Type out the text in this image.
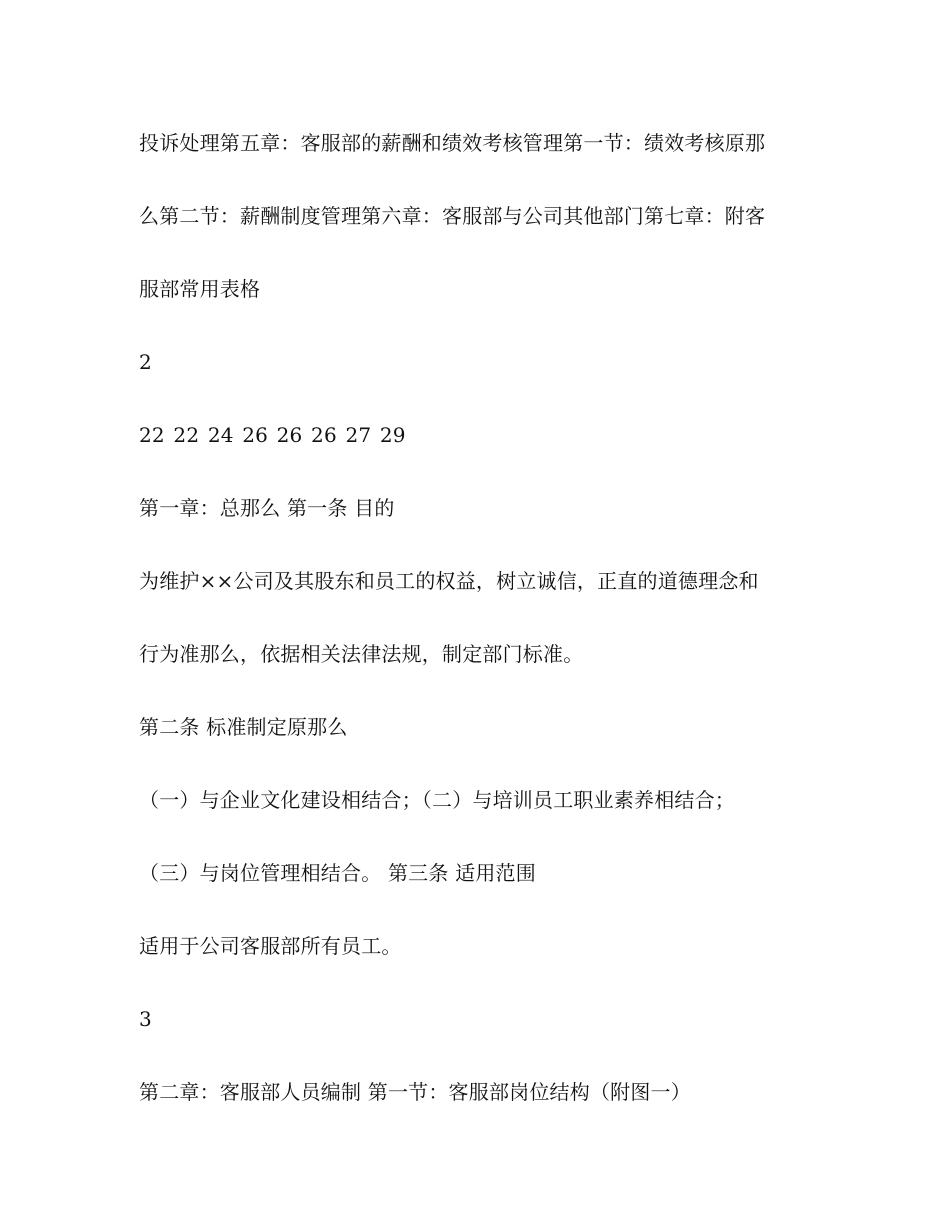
投诉处理第五章：客服部的薪酬和绩效考核管理第一节：绩效考核原那
么第二节：薪酬制度管理第六章：客服部与公司其他部门第七章：附客
服部常用表格
2
22 22 24 26 26 26 27 29
第一章：总那么 第一条 目的
为维护××公司及其股东和员工的权益，树立诚信，正直的道德理念和
行为准那么，依据相关法律法规，制定部门标准。
第二条 标准制定原那么
（一）与企业文化建设相结合；（二）与培训员工职业素养相结合；
（三）与岗位管理相结合。 第三条 适用范围
适用于公司客服部所有员工。
3
第二章：客服部人员编制 第一节：客服部岗位结构（附图一）
